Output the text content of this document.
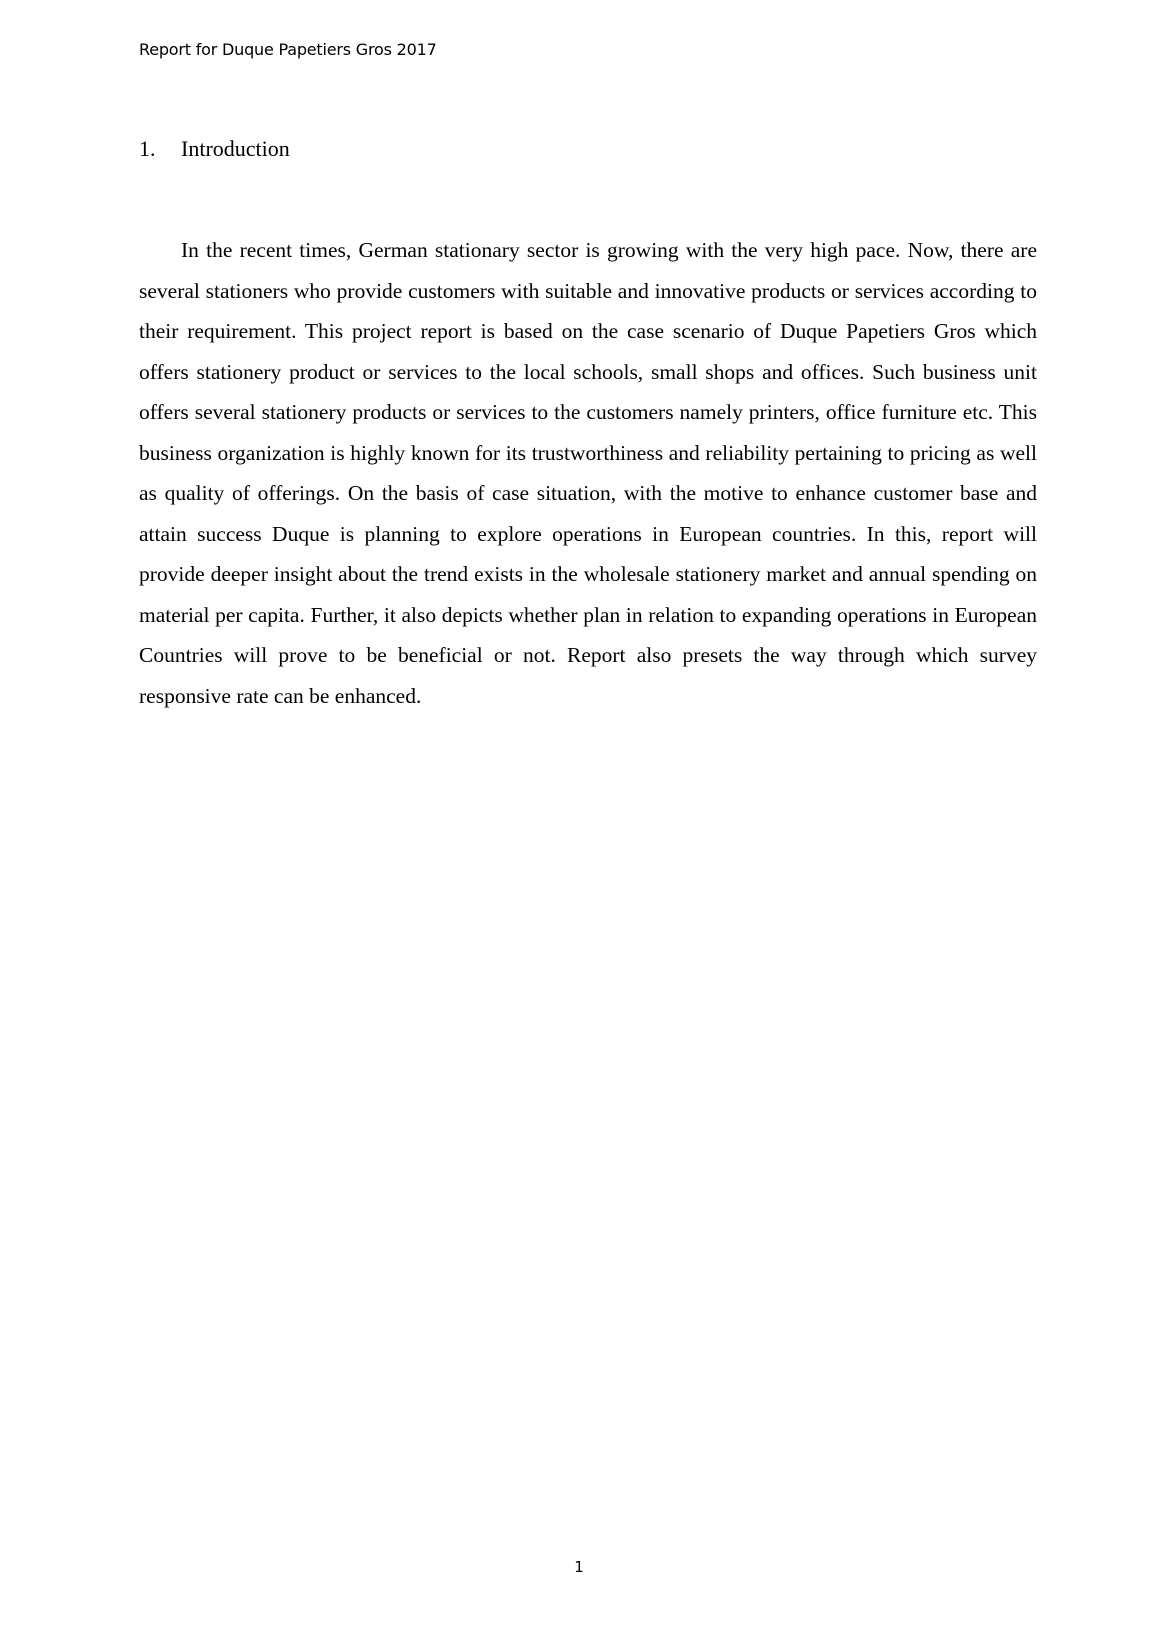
Report for Duque Papetiers Gros 2017
1.	Introduction

In the recent times, German stationary sector is growing with the very high pace. Now, there are several stationers who provide customers with suitable and innovative products or services according to their requirement. This project report is based on the case scenario of Duque Papetiers Gros which offers stationery product or services to the local schools, small shops and offices. Such business unit offers several stationery products or services to the customers namely printers, office furniture etc. This business organization is highly known for its trustworthiness and reliability pertaining to pricing as well as quality of offerings. On the basis of case situation, with the motive to enhance customer base and attain success Duque is planning to explore operations in European countries. In this, report will provide deeper insight about the trend exists in the wholesale stationery market and annual spending on material per capita. Further, it also depicts whether plan in relation to expanding operations in European Countries will prove to be beneficial or not. Report also presets the way through which survey responsive rate can be enhanced.

1
